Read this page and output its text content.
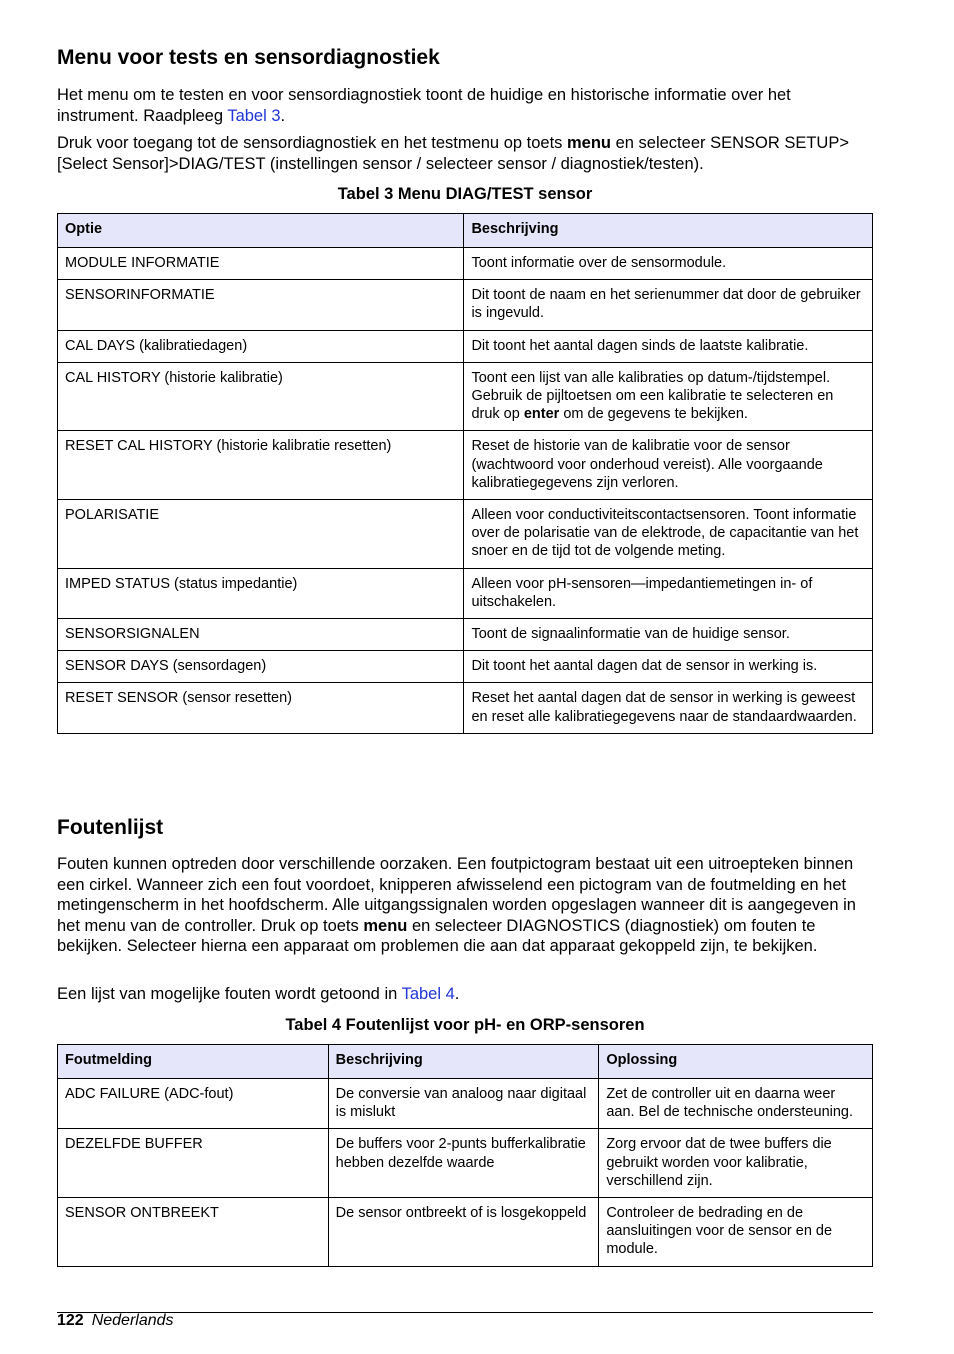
Menu voor tests en sensordiagnostiek

Het menu om te testen en voor sensordiagnostiek toont de huidige en historische informatie over het instrument. Raadpleeg Tabel 3.

Druk voor toegang tot de sensordiagnostiek en het testmenu op toets menu en selecteer SENSOR SETUP>[Select Sensor]>DIAG/TEST (instellingen sensor / selecteer sensor / diagnostiek/testen).

Tabel 3 Menu DIAG/TEST sensor
Optie	Beschrijving
MODULE INFORMATIE	Toont informatie over de sensormodule.
SENSORINFORMATIE	Dit toont de naam en het serienummer dat door de gebruiker is ingevuld.
CAL DAYS (kalibratiedagen)	Dit toont het aantal dagen sinds de laatste kalibratie.
CAL HISTORY (historie kalibratie)	Toont een lijst van alle kalibraties op datum-/tijdstempel. Gebruik de pijltoetsen om een kalibratie te selecteren en druk op enter om de gegevens te bekijken.
RESET CAL HISTORY (historie kalibratie resetten)	Reset de historie van de kalibratie voor de sensor (wachtwoord voor onderhoud vereist). Alle voorgaande kalibratiegegevens zijn verloren.
POLARISATIE	Alleen voor conductiviteitscontactsensoren. Toont informatie over de polarisatie van de elektrode, de capacitantie van het snoer en de tijd tot de volgende meting.
IMPED STATUS (status impedantie)	Alleen voor pH-sensoren—impedantiemetingen in- of uitschakelen.
SENSORSIGNALEN	Toont de signaalinformatie van de huidige sensor.
SENSOR DAYS (sensordagen)	Dit toont het aantal dagen dat de sensor in werking is.
RESET SENSOR (sensor resetten)	Reset het aantal dagen dat de sensor in werking is geweest en reset alle kalibratiegegevens naar de standaardwaarden.
Foutenlijst

Fouten kunnen optreden door verschillende oorzaken. Een foutpictogram bestaat uit een uitroepteken binnen een cirkel. Wanneer zich een fout voordoet, knipperen afwisselend een pictogram van de foutmelding en het metingenscherm in het hoofdscherm. Alle uitgangssignalen worden opgeslagen wanneer dit is aangegeven in het menu van de controller. Druk op toets menu en selecteer DIAGNOSTICS (diagnostiek) om fouten te bekijken. Selecteer hierna een apparaat om problemen die aan dat apparaat gekoppeld zijn, te bekijken.

Een lijst van mogelijke fouten wordt getoond in Tabel 4.

Tabel 4 Foutenlijst voor pH- en ORP-sensoren
Foutmelding	Beschrijving	Oplossing
ADC FAILURE (ADC-fout)	De conversie van analoog naar digitaal is mislukt	Zet de controller uit en daarna weer aan. Bel de technische ondersteuning.
DEZELFDE BUFFER	De buffers voor 2-punts bufferkalibratie hebben dezelfde waarde	Zorg ervoor dat de twee buffers die gebruikt worden voor kalibratie, verschillend zijn.
SENSOR ONTBREEKT	De sensor ontbreekt of is losgekoppeld	Controleer de bedrading en de aansluitingen voor de sensor en de module.
122 Nederlands
